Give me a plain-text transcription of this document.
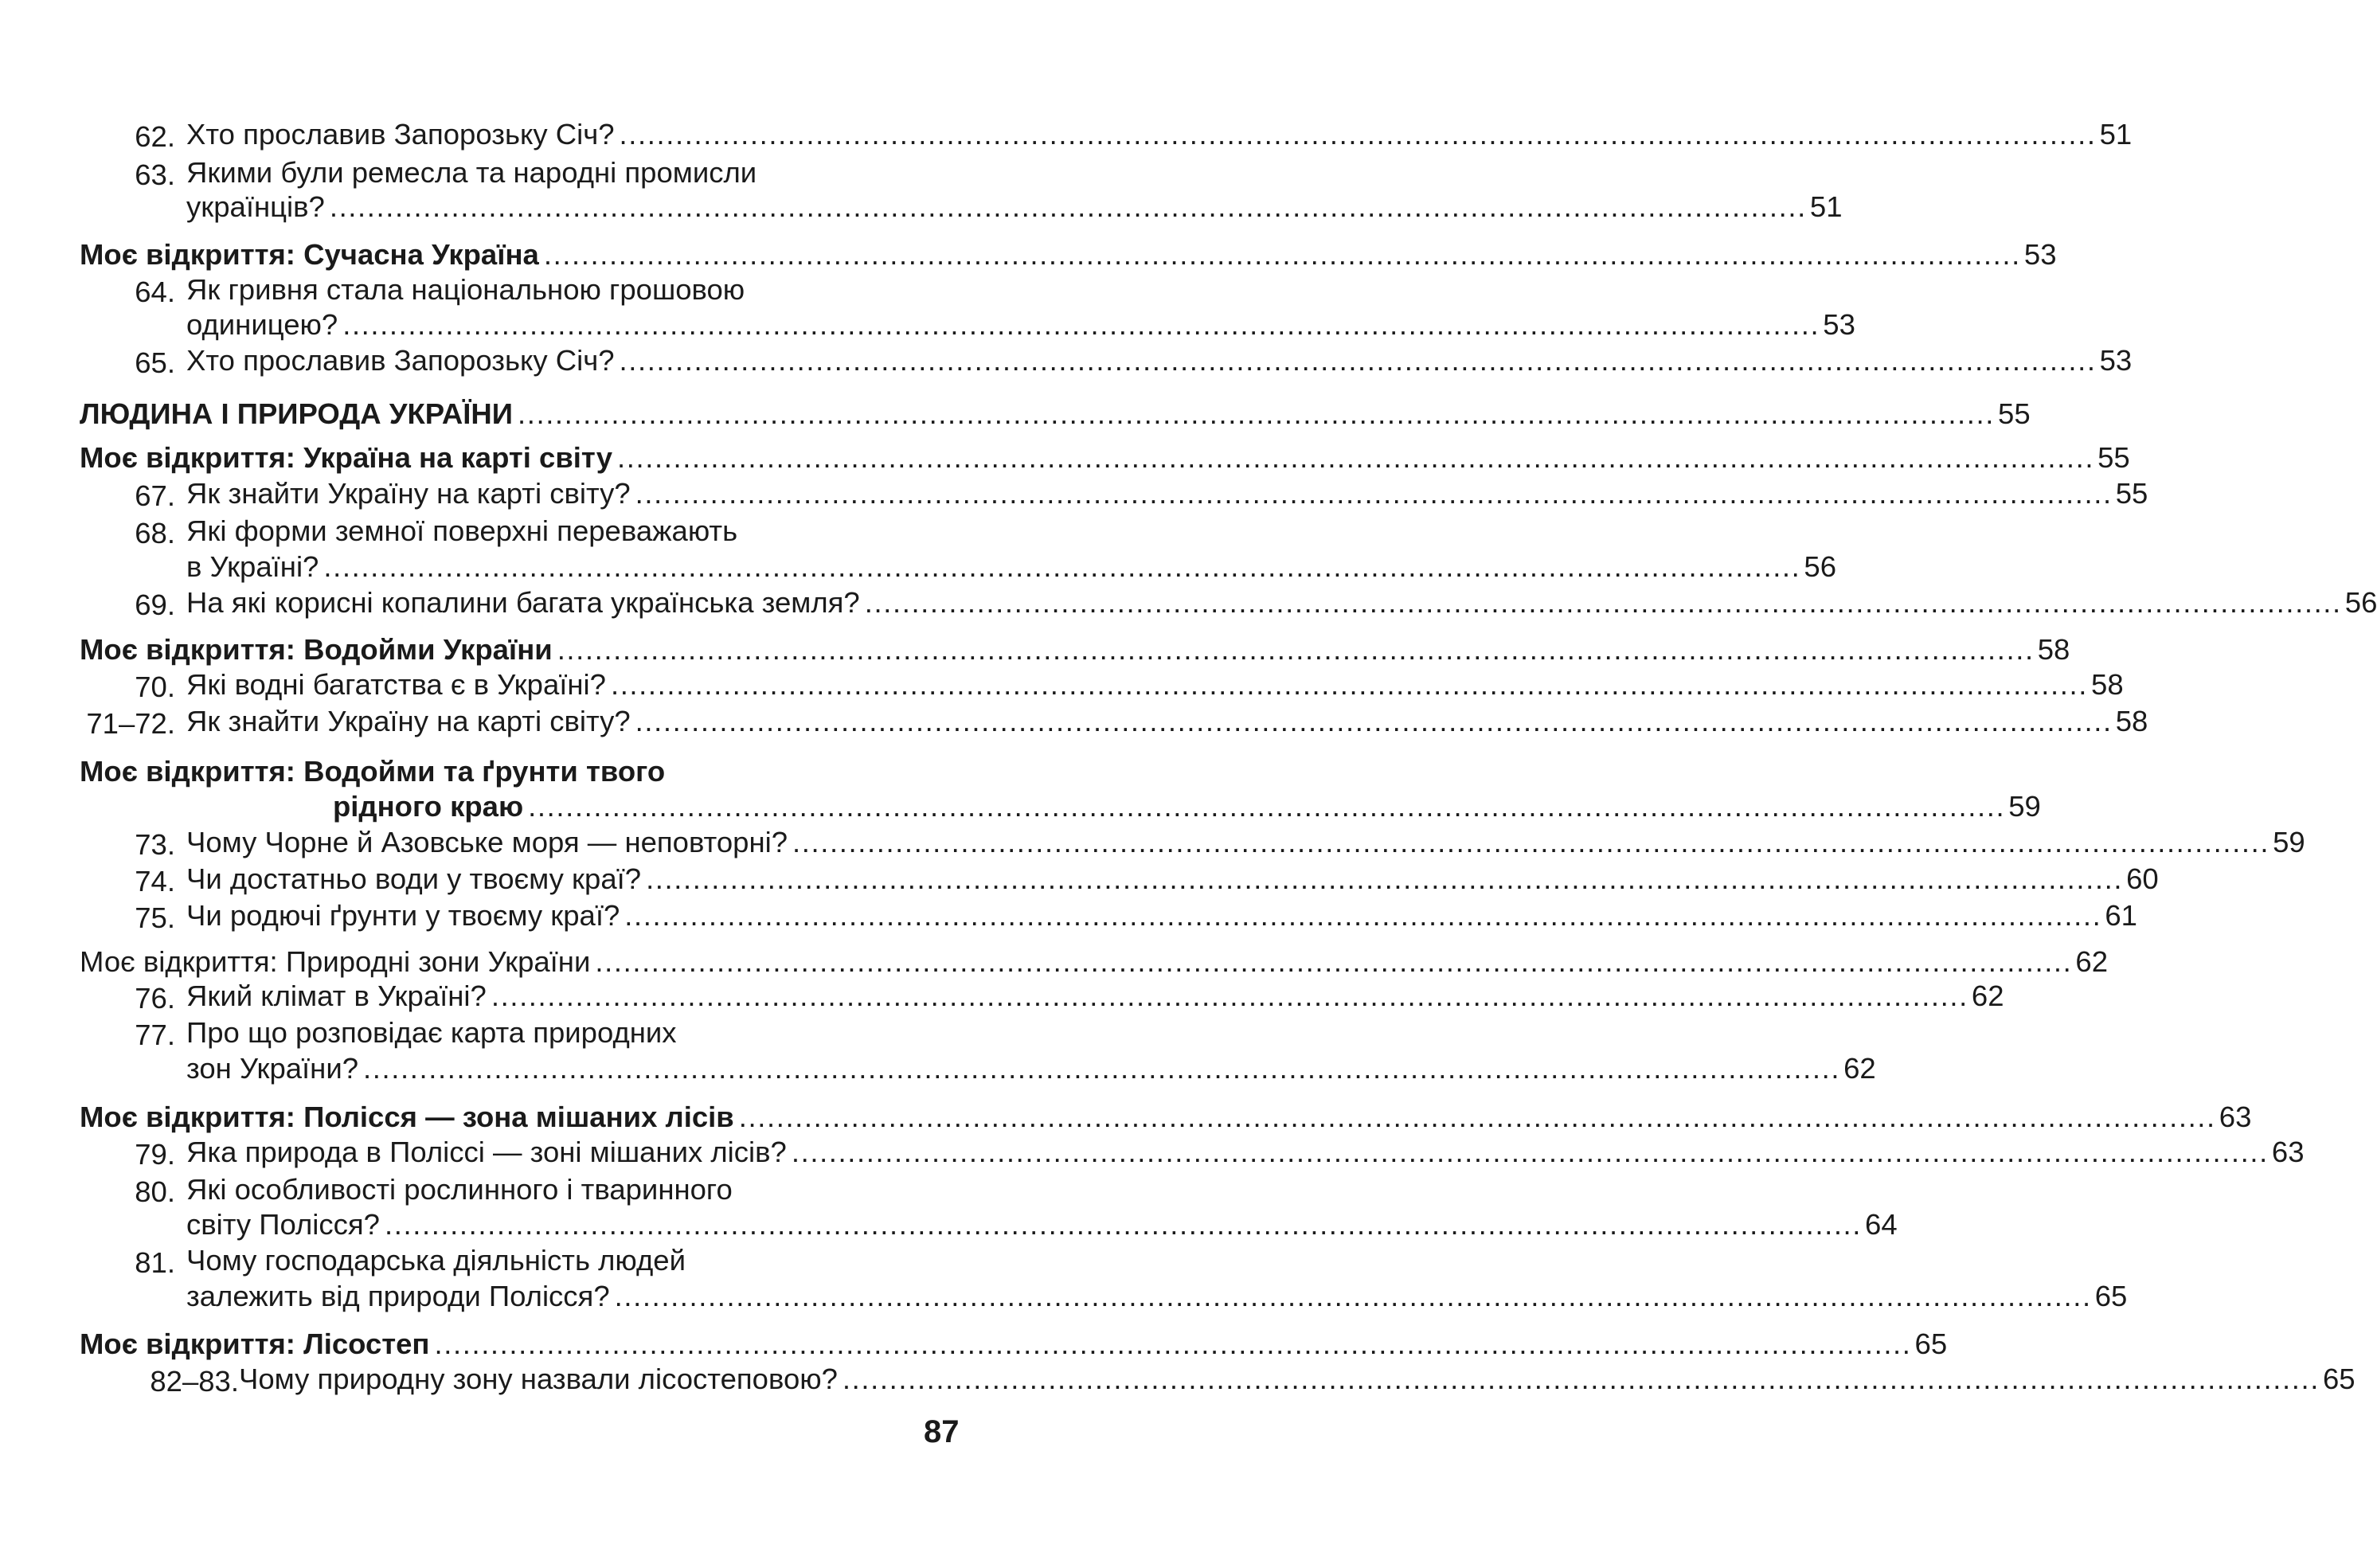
62. Хто прославив Запорозьку Січ? .............................................................................................................................................................. 51
63. Якими були ремесла та народні промисли
українців? .............................................................................................................................................................. 51
Моє відкриття: Сучасна Україна .............................................................................................................................................................. 53
64. Як гривня стала національною грошовою
одиницею? .............................................................................................................................................................. 53
65. Хто прославив Запорозьку Січ? .............................................................................................................................................................. 53
ЛЮДИНА І ПРИРОДА УКРАЇНИ .............................................................................................................................................................. 55
Моє відкриття: Україна на карті світу .............................................................................................................................................................. 55
67. Як знайти Україну на карті світу? .............................................................................................................................................................. 55
68. Які форми земної поверхні переважають
в Україні? .............................................................................................................................................................. 56
69. На які корисні копалини багата українська земля? .............................................................................................................................................................. 56
Моє відкриття: Водойми України .............................................................................................................................................................. 58
70. Які водні багатства є в Україні? .............................................................................................................................................................. 58
71–72. Як знайти Україну на карті світу? .............................................................................................................................................................. 58
Моє відкриття: Водойми та ґрунти твого
рідного краю .............................................................................................................................................................. 59
73. Чому Чорне й Азовське моря — неповторні? .............................................................................................................................................................. 59
74. Чи достатньо води у твоєму краї? .............................................................................................................................................................. 60
75. Чи родючі ґрунти у твоєму краї? .............................................................................................................................................................. 61
Моє відкриття: Природні зони України .............................................................................................................................................................. 62
76. Який клімат в Україні? .............................................................................................................................................................. 62
77. Про що розповідає карта природних
зон України? .............................................................................................................................................................. 62
Моє відкриття: Полісся — зона мішаних лісів .............................................................................................................................................................. 63
79. Яка природа в Поліссі — зоні мішаних лісів? .............................................................................................................................................................. 63
80. Які особливості рослинного і тваринного
світу Полісся? .............................................................................................................................................................. 64
81. Чому господарська діяльність людей
залежить від природи Полісся? .............................................................................................................................................................. 65
Моє відкриття: Лісостеп .............................................................................................................................................................. 65
82–83. Чому природну зону назвали лісостеповою? .............................................................................................................................................................. 65
87
